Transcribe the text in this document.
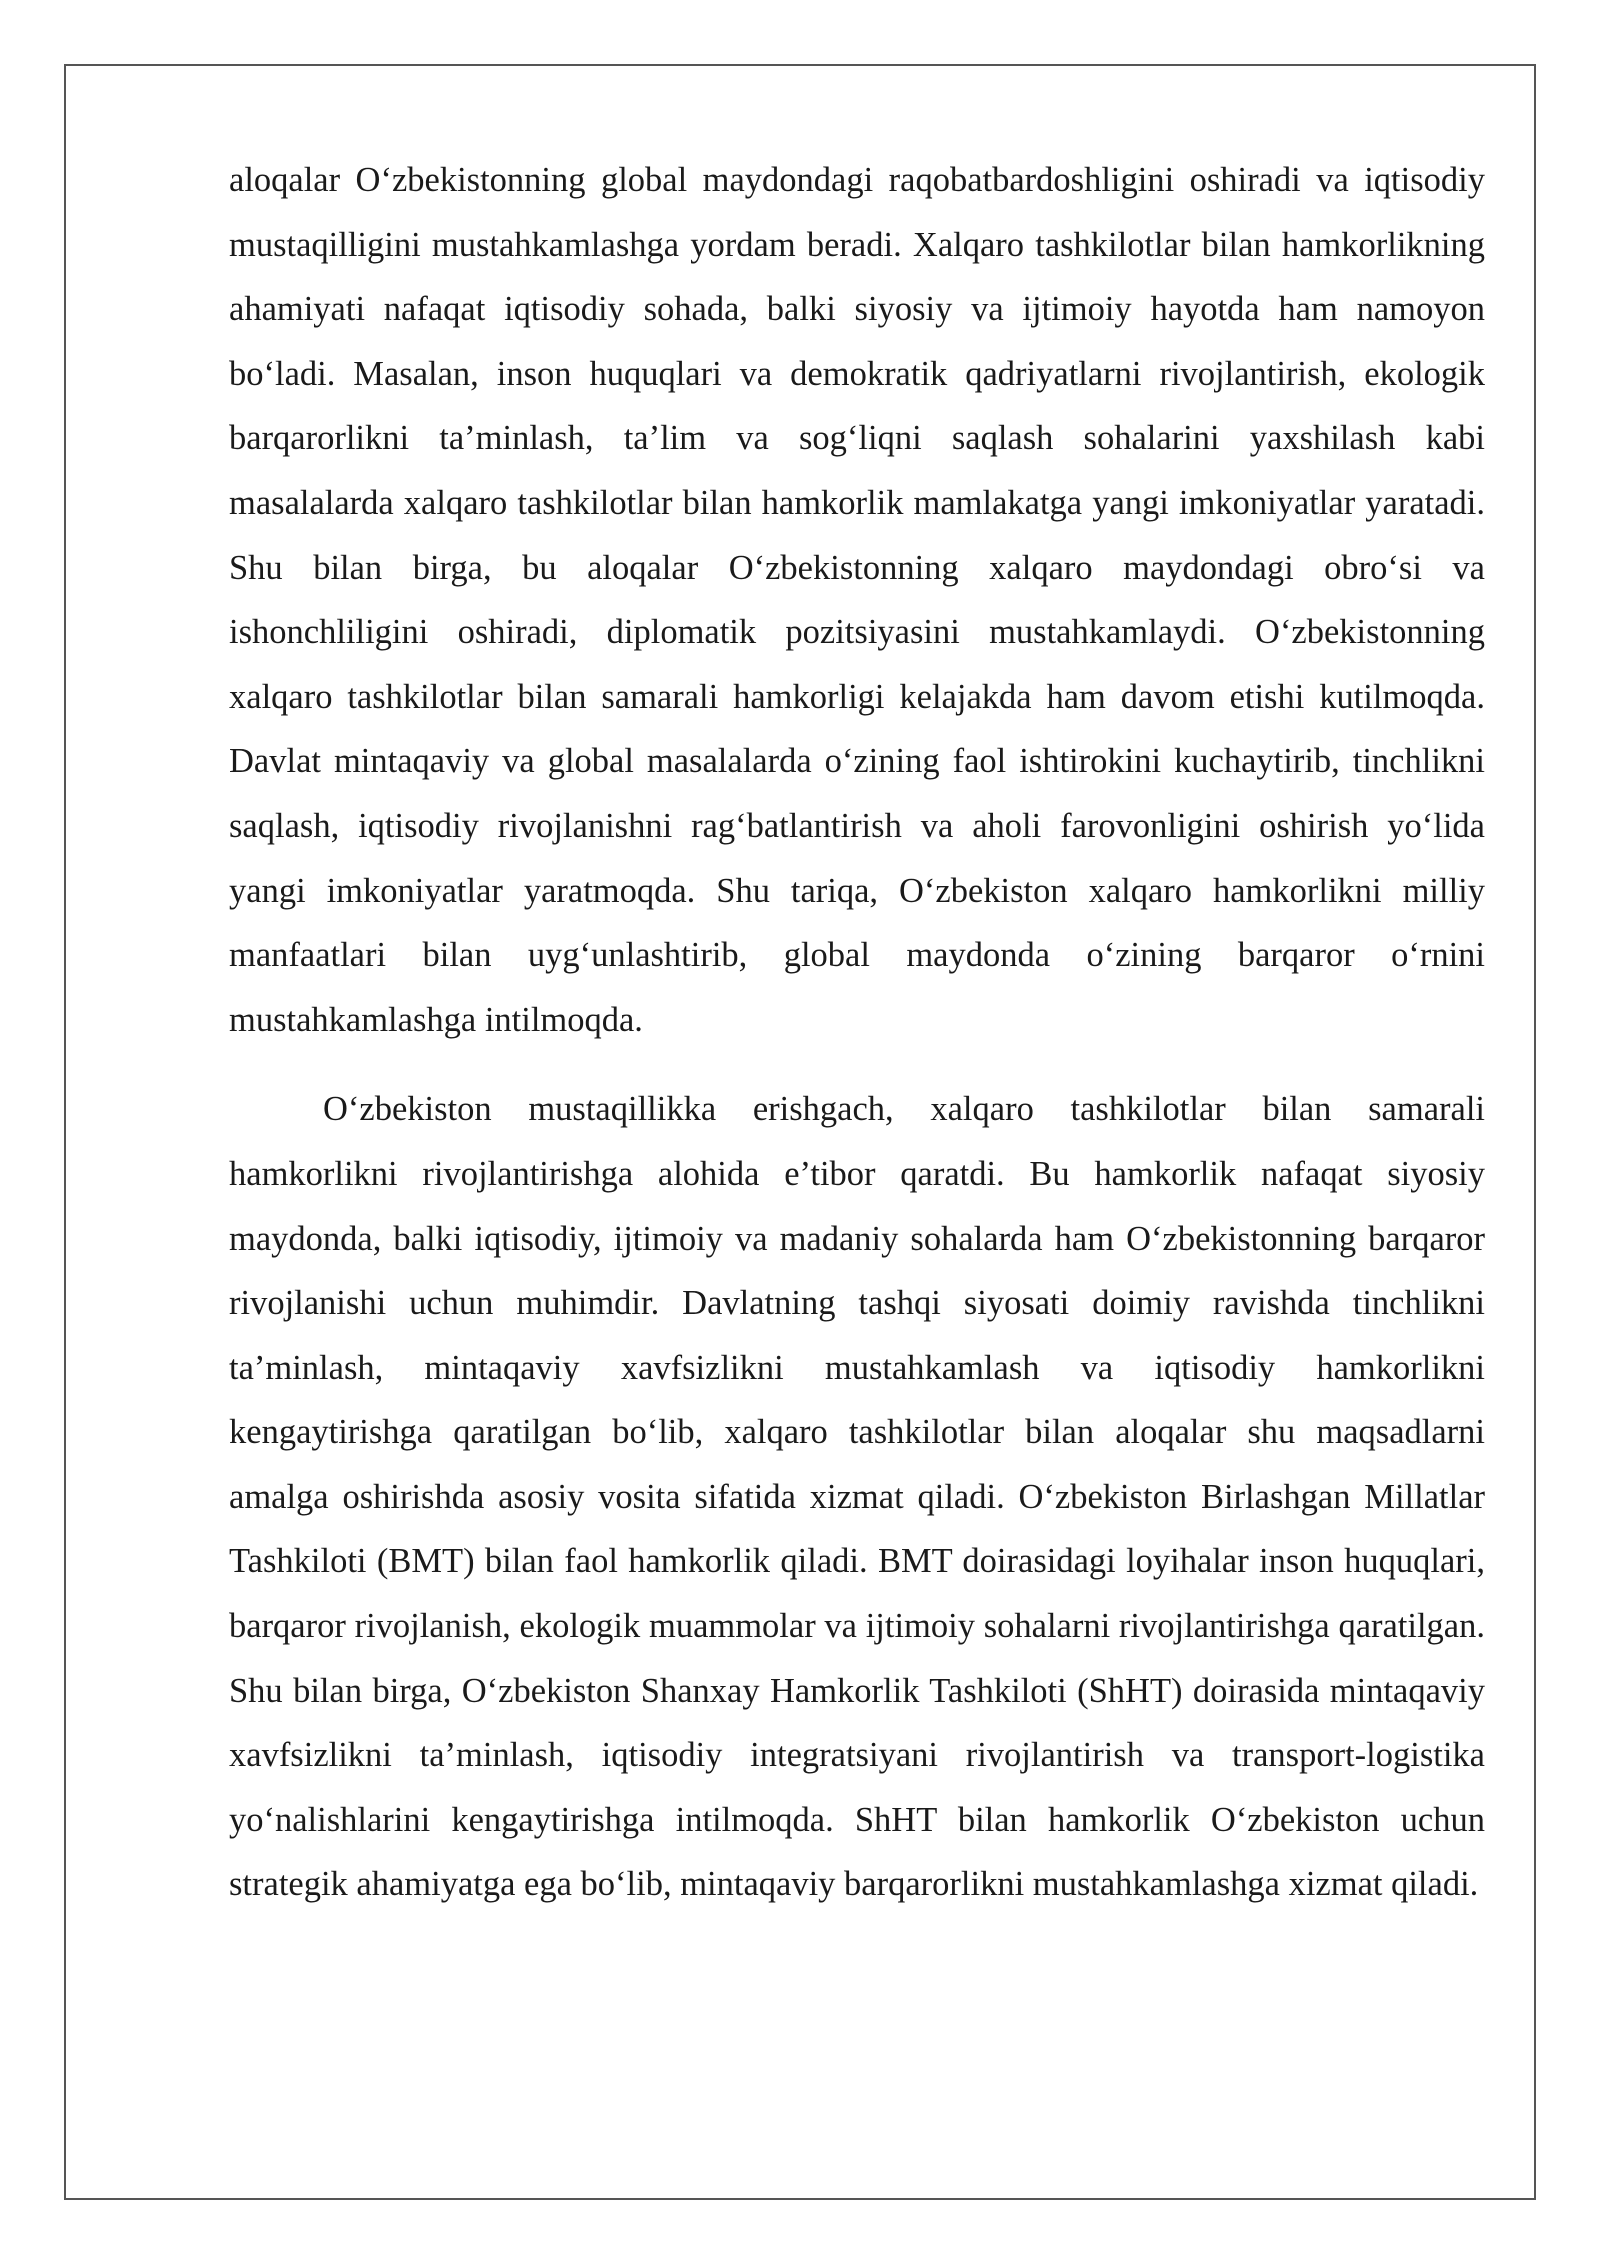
aloqalar O‘zbekistonning global maydondagi raqobatbardoshligini oshiradi va iqtisodiy mustaqilligini mustahkamlashga yordam beradi. Xalqaro tashkilotlar bilan hamkorlikning ahamiyati nafaqat iqtisodiy sohada, balki siyosiy va ijtimoiy hayotda ham namoyon bo‘ladi. Masalan, inson huquqlari va demokratik qadriyatlarni rivojlantirish, ekologik barqarorlikni ta’minlash, ta’lim va sog‘liqni saqlash sohalarini yaxshilash kabi masalalarda xalqaro tashkilotlar bilan hamkorlik mamlakatga yangi imkoniyatlar yaratadi. Shu bilan birga, bu aloqalar O‘zbekistonning xalqaro maydondagi obro‘si va ishonchliligini oshiradi, diplomatik pozitsiyasini mustahkamlaydi. O‘zbekistonning xalqaro tashkilotlar bilan samarali hamkorligi kelajakda ham davom etishi kutilmoqda. Davlat mintaqaviy va global masalalarda o‘zining faol ishtirokini kuchaytirib, tinchlikni saqlash, iqtisodiy rivojlanishni rag‘batlantirish va aholi farovonligini oshirish yo‘lida yangi imkoniyatlar yaratmoqda. Shu tariqa, O‘zbekiston xalqaro hamkorlikni milliy manfaatlari bilan uyg‘unlashtirib, global maydonda o‘zining barqaror o‘rnini mustahkamlashga intilmoqda.

O‘zbekiston mustaqillikka erishgach, xalqaro tashkilotlar bilan samarali hamkorlikni rivojlantirishga alohida e’tibor qaratdi. Bu hamkorlik nafaqat siyosiy maydonda, balki iqtisodiy, ijtimoiy va madaniy sohalarda ham O‘zbekistonning barqaror rivojlanishi uchun muhimdir. Davlatning tashqi siyosati doimiy ravishda tinchlikni ta’minlash, mintaqaviy xavfsizlikni mustahkamlash va iqtisodiy hamkorlikni kengaytirishga qaratilgan bo‘lib, xalqaro tashkilotlar bilan aloqalar shu maqsadlarni amalga oshirishda asosiy vosita sifatida xizmat qiladi. O‘zbekiston Birlashgan Millatlar Tashkiloti (BMT) bilan faol hamkorlik qiladi. BMT doirasidagi loyihalar inson huquqlari, barqaror rivojlanish, ekologik muammolar va ijtimoiy sohalarni rivojlantirishga qaratilgan. Shu bilan birga, O‘zbekiston Shanxay Hamkorlik Tashkiloti (ShHT) doirasida mintaqaviy xavfsizlikni ta’minlash, iqtisodiy integratsiyani rivojlantirish va transport-logistika yo‘nalishlarini kengaytirishga intilmoqda. ShHT bilan hamkorlik O‘zbekiston uchun strategik ahamiyatga ega bo‘lib, mintaqaviy barqarorlikni mustahkamlashga xizmat qiladi.
